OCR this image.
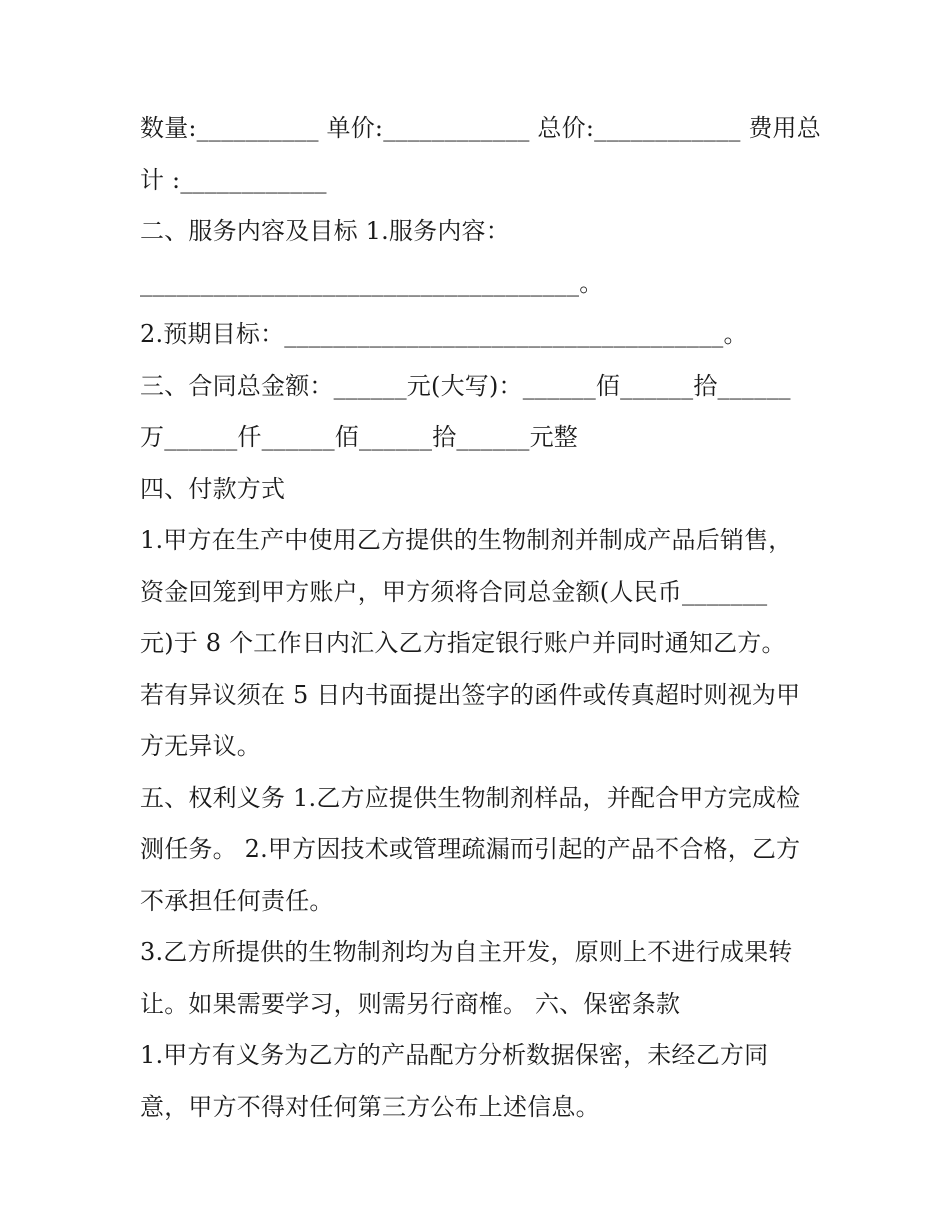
数量:__________ 单价:____________ 总价:____________ 费用总
计 :____________
二、服务内容及目标 1.服务内容：
____________________________________。
2.预期目标：____________________________________。
三、合同总金额：______元(大写)：______佰______拾______
万______仟______佰______拾______元整
四、付款方式
1.甲方在生产中使用乙方提供的生物制剂并制成产品后销售，
资金回笼到甲方账户，甲方须将合同总金额(人民币_______
元)于 8 个工作日内汇入乙方指定银行账户并同时通知乙方。
若有异议须在 5 日内书面提出签字的函件或传真超时则视为甲
方无异议。
五、权利义务 1.乙方应提供生物制剂样品，并配合甲方完成检
测任务。 2.甲方因技术或管理疏漏而引起的产品不合格，乙方
不承担任何责任。
3.乙方所提供的生物制剂均为自主开发，原则上不进行成果转
让。如果需要学习，则需另行商榷。 六、保密条款
1.甲方有义务为乙方的产品配方分析数据保密，未经乙方同
意，甲方不得对任何第三方公布上述信息。
